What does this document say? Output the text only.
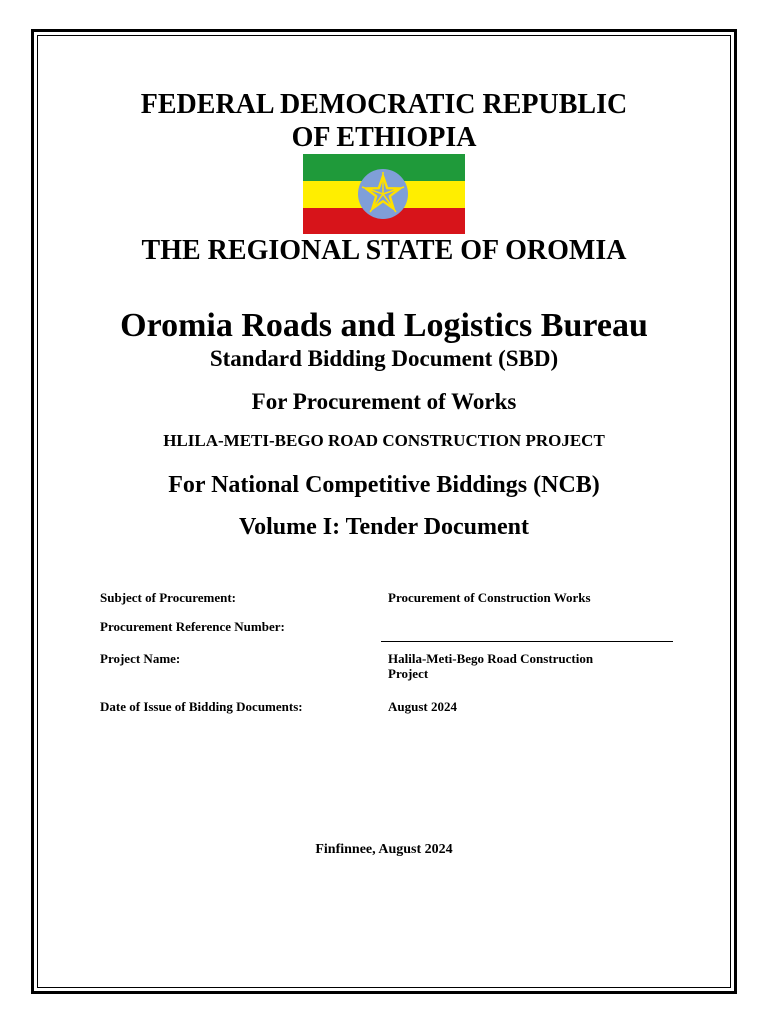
FEDERAL DEMOCRATIC REPUBLIC
OF ETHIOPIA
THE REGIONAL STATE OF OROMIA
Oromia Roads and Logistics Bureau
Standard Bidding Document (SBD)
For Procurement of Works
HLILA-METI-BEGO ROAD CONSTRUCTION PROJECT
For National Competitive Biddings (NCB)
Volume I: Tender Document
Subject of Procurement:	Procurement of Construction Works
Procurement Reference Number:
Project Name:	Halila-Meti-Bego Road Construction
Project
Date of Issue of Bidding Documents:	August 2024
Finfinnee, August 2024
